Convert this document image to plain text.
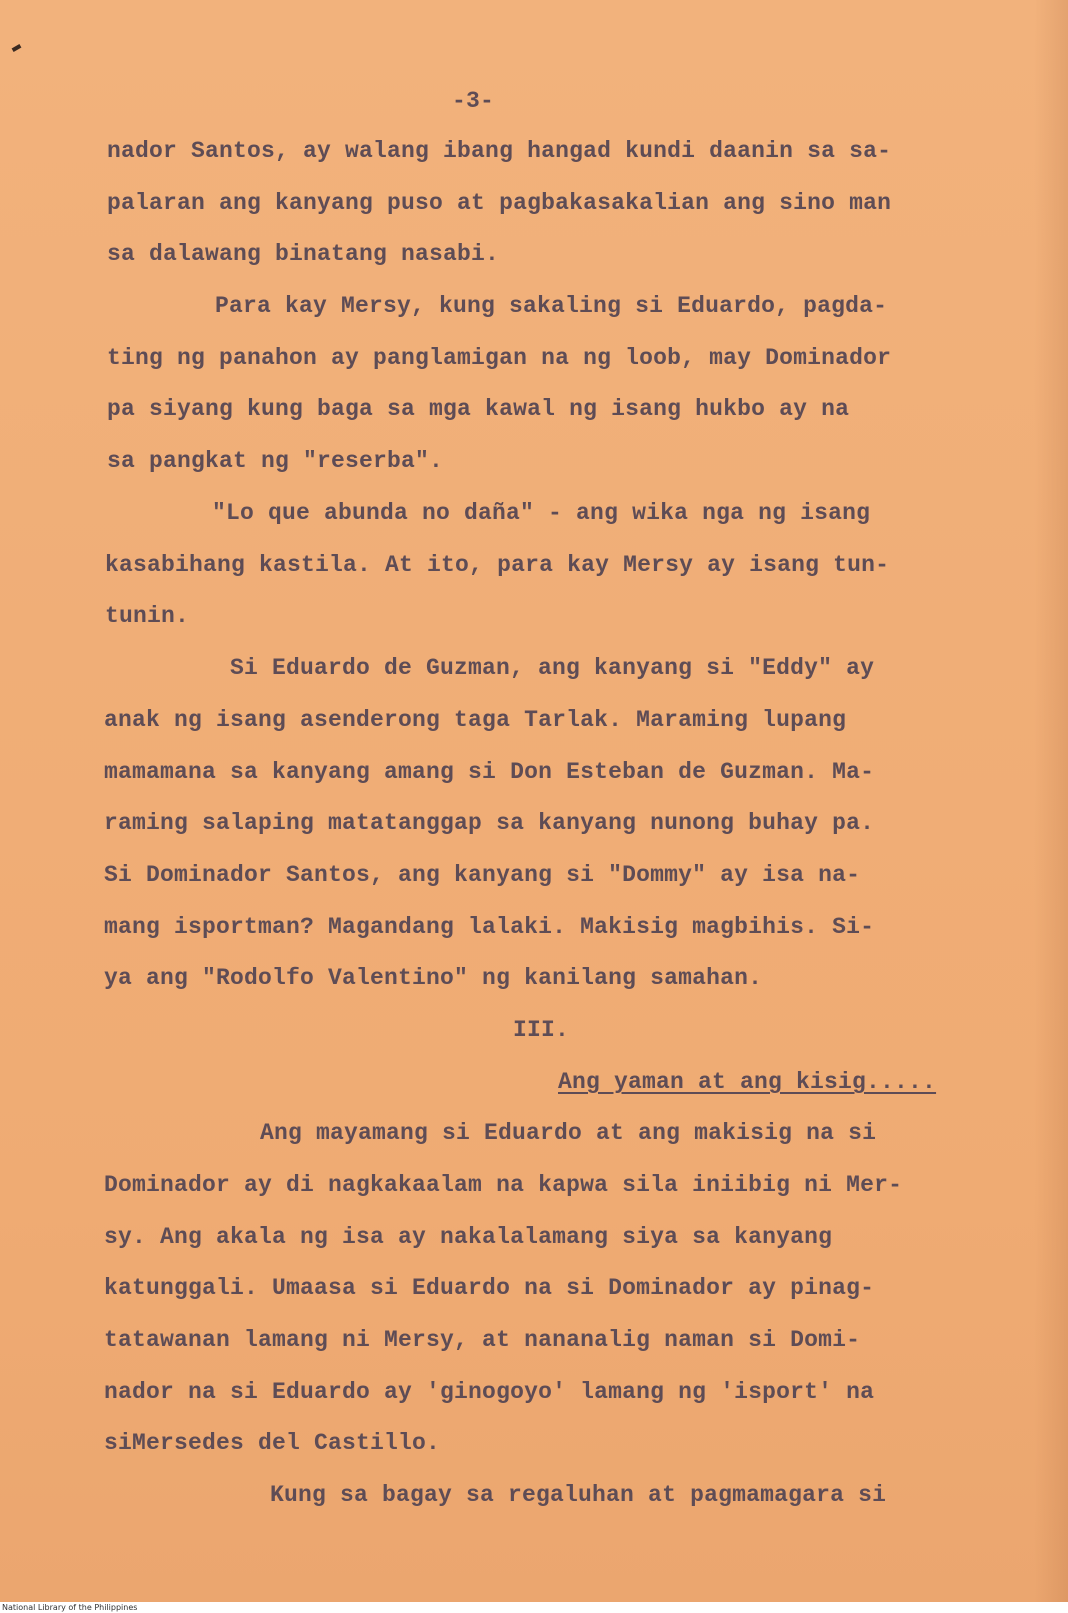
-3-
nador Santos, ay walang ibang hangad kundi daanin sa sa-
palaran ang kanyang puso at pagbakasakalian ang sino man
sa dalawang binatang nasabi.
Para kay Mersy, kung sakaling si Eduardo, pagda-
ting ng panahon ay panglamigan na ng loob, may Dominador
pa siyang kung baga sa mga kawal ng isang hukbo ay na
sa pangkat ng "reserba".
"Lo que abunda no daña" - ang wika nga ng isang
kasabihang kastila. At ito, para kay Mersy ay isang tun-
tunin.
Si Eduardo de Guzman, ang kanyang si "Eddy" ay
anak ng isang asenderong taga Tarlak. Maraming lupang
mamamana sa kanyang amang si Don Esteban de Guzman. Ma-
raming salaping matatanggap sa kanyang nunong buhay pa.
Si Dominador Santos, ang kanyang si "Dommy" ay isa na-
mang isportman? Magandang lalaki. Makisig magbihis. Si-
ya ang "Rodolfo Valentino" ng kanilang samahan.
III.
Ang yaman at ang kisig.....
Ang mayamang si Eduardo at ang makisig na si
Dominador ay di nagkakaalam na kapwa sila iniibig ni Mer-
sy. Ang akala ng isa ay nakalalamang siya sa kanyang
katunggali. Umaasa si Eduardo na si Dominador ay pinag-
tatawanan lamang ni Mersy, at nananalig naman si Domi-
nador na si Eduardo ay 'ginogoyo' lamang ng 'isport' na
siMersedes del Castillo.
Kung sa bagay sa regaluhan at pagmamagara si
National Library of the Philippines
